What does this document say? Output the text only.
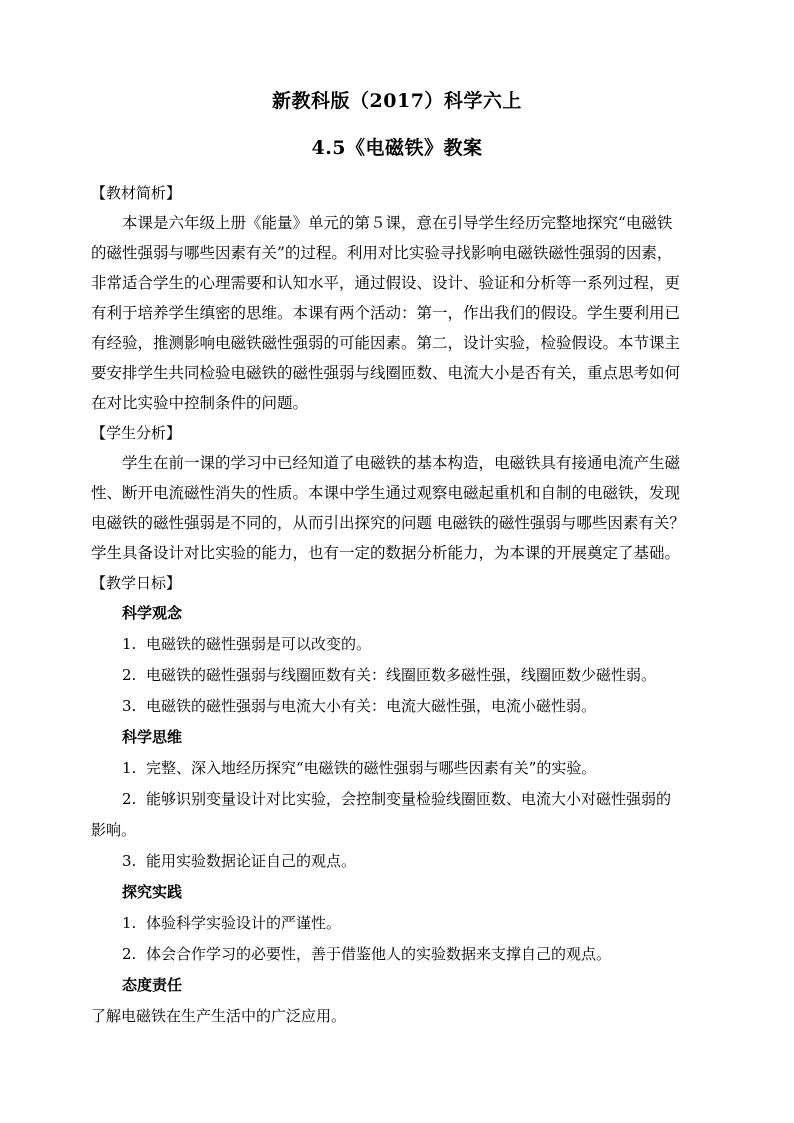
新教科版（2017）科学六上
4.5《电磁铁》教案
【教材简析】
本课是六年级上册《能量》单元的第５课，意在引导学生经历完整地探究“电磁铁
的磁性强弱与哪些因素有关”的过程。利用对比实验寻找影响电磁铁磁性强弱的因素，
非常适合学生的心理需要和认知水平，通过假设、设计、验证和分析等一系列过程，更
有利于培养学生缜密的思维。本课有两个活动：第一，作出我们的假设。学生要利用已
有经验，推测影响电磁铁磁性强弱的可能因素。第二，设计实验，检验假设。本节课主
要安排学生共同检验电磁铁的磁性强弱与线圈匝数、电流大小是否有关，重点思考如何
在对比实验中控制条件的问题。
【学生分析】
学生在前一课的学习中已经知道了电磁铁的基本构造，电磁铁具有接通电流产生磁
性、断开电流磁性消失的性质。本课中学生通过观察电磁起重机和自制的电磁铁，发现
电磁铁的磁性强弱是不同的，从而引出探究的问题 电磁铁的磁性强弱与哪些因素有关？
学生具备设计对比实验的能力，也有一定的数据分析能力，为本课的开展奠定了基础。
【教学日标】
科学观念
1. 电磁铁的磁性强弱是可以改变的。
2. 电磁铁的磁性强弱与线圈匝数有关：线圈匝数多磁性强，线圈匝数少磁性弱。
3. 电磁铁的磁性强弱与电流大小有关：电流大磁性强，电流小磁性弱。
科学思维
1. 完整、深入地经历探究“电磁铁的磁性强弱与哪些因素有关”的实验。
2. 能够识别变量设计对比实验，会控制变量检验线圈匝数、电流大小对磁性强弱的
影响。
3. 能用实验数据论证自己的观点。
探究实践
1. 体验科学实验设计的严谨性。
2. 体会合作学习的必要性，善于借鉴他人的实验数据来支撑自己的观点。
态度责任
了解电磁铁在生产生活中的广泛应用。
